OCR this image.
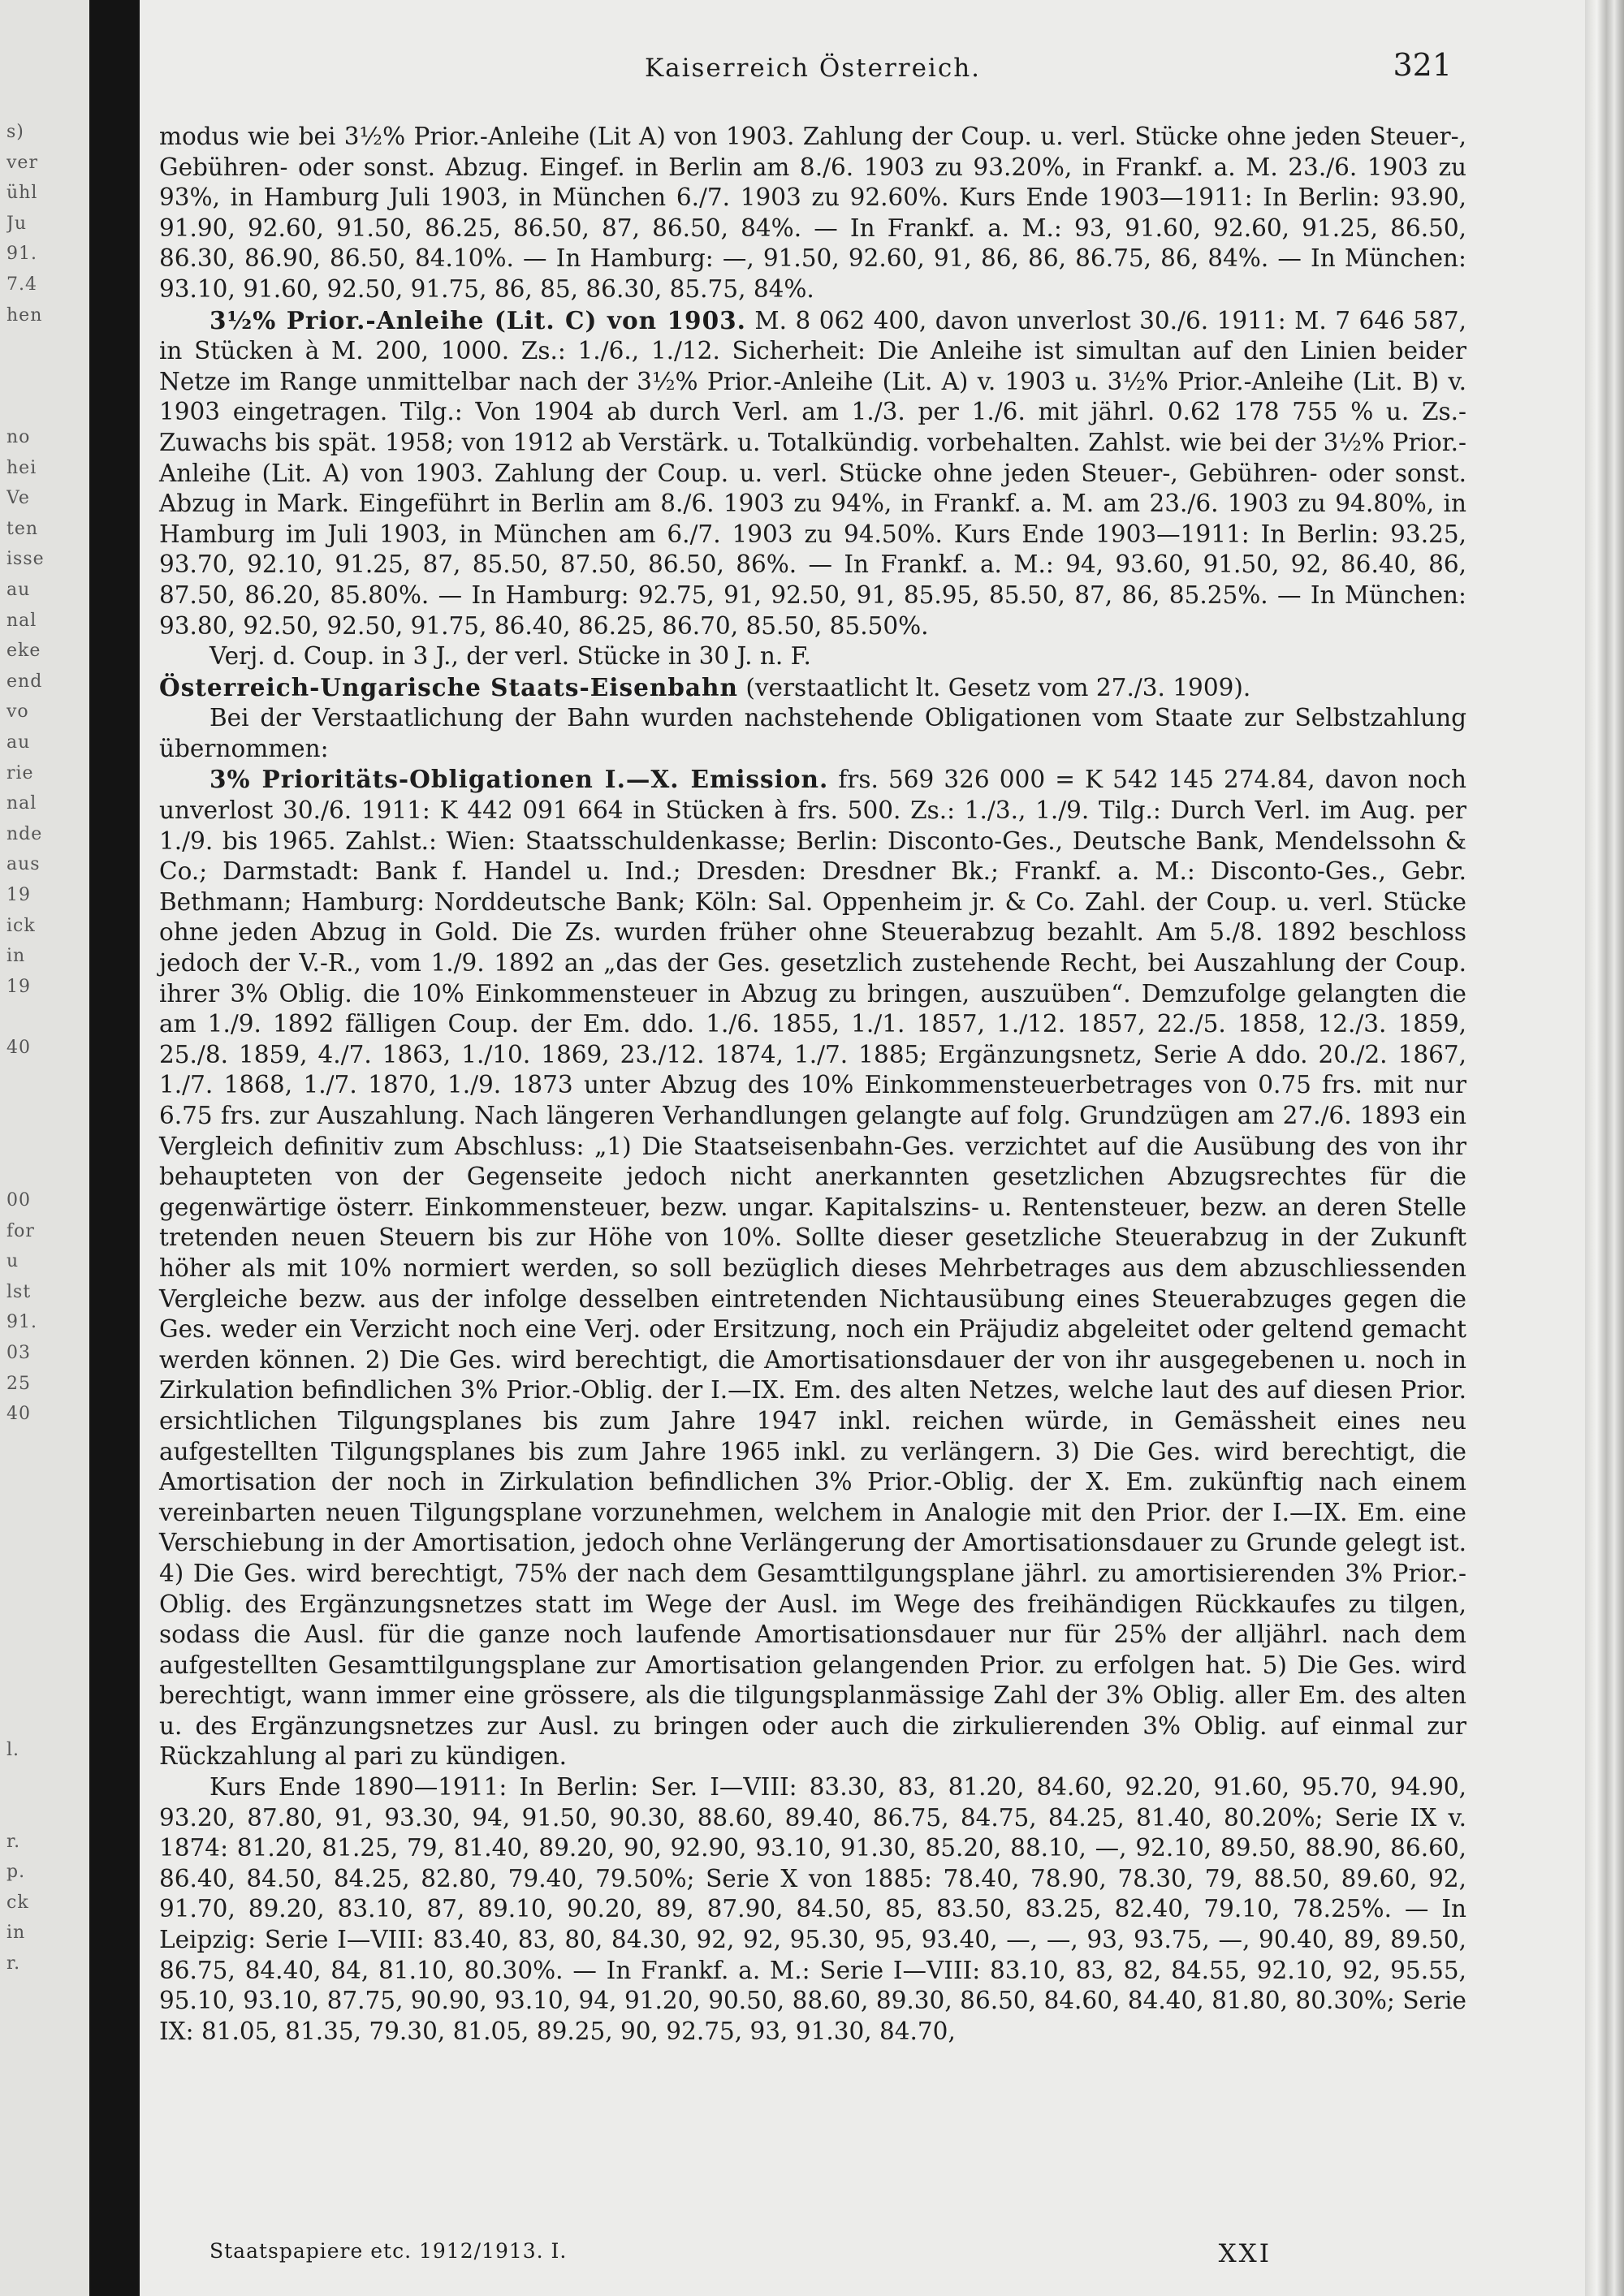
s)
ver
ühl
Ju
91.
7.4
hen
no
hei
Ve
ten
isse
au
nal
eke
end
vo
au
rie
nal
nde
aus
19
ick
in
19
40
00
for
u
lst
91.
03
25
40
l.
r.
p.
ck
in
r.
Kaiserreich Österreich.	321

modus wie bei 3½% Prior.-Anleihe (Lit A) von 1903. Zahlung der Coup. u. verl. Stücke ohne jeden Steuer-, Gebühren- oder sonst. Abzug. Eingef. in Berlin am 8./6. 1903 zu 93.20%, in Frankf. a. M. 23./6. 1903 zu 93%, in Hamburg Juli 1903, in München 6./7. 1903 zu 92.60%. Kurs Ende 1903—1911: In Berlin: 93.90, 91.90, 92.60, 91.50, 86.25, 86.50, 87, 86.50, 84%. — In Frankf. a. M.: 93, 91.60, 92.60, 91.25, 86.50, 86.30, 86.90, 86.50, 84.10%. — In Hamburg: —, 91.50, 92.60, 91, 86, 86, 86.75, 86, 84%. — In München: 93.10, 91.60, 92.50, 91.75, 86, 85, 86.30, 85.75, 84%.

3½% Prior.-Anleihe (Lit. C) von 1903. M. 8 062 400, davon unverlost 30./6. 1911: M. 7 646 587, in Stücken à M. 200, 1000. Zs.: 1./6., 1./12. Sicherheit: Die Anleihe ist simultan auf den Linien beider Netze im Range unmittelbar nach der 3½% Prior.-Anleihe (Lit. A) v. 1903 u. 3½% Prior.-Anleihe (Lit. B) v. 1903 eingetragen. Tilg.: Von 1904 ab durch Verl. am 1./3. per 1./6. mit jährl. 0.62 178 755 % u. Zs.-Zuwachs bis spät. 1958; von 1912 ab Verstärk. u. Totalkündig. vorbehalten. Zahlst. wie bei der 3½% Prior.-Anleihe (Lit. A) von 1903. Zahlung der Coup. u. verl. Stücke ohne jeden Steuer-, Gebühren- oder sonst. Abzug in Mark. Eingeführt in Berlin am 8./6. 1903 zu 94%, in Frankf. a. M. am 23./6. 1903 zu 94.80%, in Hamburg im Juli 1903, in München am 6./7. 1903 zu 94.50%. Kurs Ende 1903—1911: In Berlin: 93.25, 93.70, 92.10, 91.25, 87, 85.50, 87.50, 86.50, 86%. — In Frankf. a. M.: 94, 93.60, 91.50, 92, 86.40, 86, 87.50, 86.20, 85.80%. — In Hamburg: 92.75, 91, 92.50, 91, 85.95, 85.50, 87, 86, 85.25%. — In München: 93.80, 92.50, 92.50, 91.75, 86.40, 86.25, 86.70, 85.50, 85.50%.

Verj. d. Coup. in 3 J., der verl. Stücke in 30 J. n. F.

Österreich-Ungarische Staats-Eisenbahn (verstaatlicht lt. Gesetz vom 27./3. 1909).

Bei der Verstaatlichung der Bahn wurden nachstehende Obligationen vom Staate zur Selbstzahlung übernommen:

3% Prioritäts-Obligationen I.—X. Emission. frs. 569 326 000 = K 542 145 274.84, davon noch unverlost 30./6. 1911: K 442 091 664 in Stücken à frs. 500. Zs.: 1./3., 1./9. Tilg.: Durch Verl. im Aug. per 1./9. bis 1965. Zahlst.: Wien: Staatsschuldenkasse; Berlin: Disconto-Ges., Deutsche Bank, Mendelssohn & Co.; Darmstadt: Bank f. Handel u. Ind.; Dresden: Dresdner Bk.; Frankf. a. M.: Disconto-Ges., Gebr. Bethmann; Hamburg: Norddeutsche Bank; Köln: Sal. Oppenheim jr. & Co. Zahl. der Coup. u. verl. Stücke ohne jeden Abzug in Gold. Die Zs. wurden früher ohne Steuerabzug bezahlt. Am 5./8. 1892 beschloss jedoch der V.-R., vom 1./9. 1892 an „das der Ges. gesetzlich zustehende Recht, bei Auszahlung der Coup. ihrer 3% Oblig. die 10% Einkommensteuer in Abzug zu bringen, auszuüben“. Demzufolge gelangten die am 1./9. 1892 fälligen Coup. der Em. ddo. 1./6. 1855, 1./1. 1857, 1./12. 1857, 22./5. 1858, 12./3. 1859, 25./8. 1859, 4./7. 1863, 1./10. 1869, 23./12. 1874, 1./7. 1885; Ergänzungsnetz, Serie A ddo. 20./2. 1867, 1./7. 1868, 1./7. 1870, 1./9. 1873 unter Abzug des 10% Einkommensteuerbetrages von 0.75 frs. mit nur 6.75 frs. zur Auszahlung. Nach längeren Verhandlungen gelangte auf folg. Grundzügen am 27./6. 1893 ein Vergleich definitiv zum Abschluss: „1) Die Staatseisenbahn-Ges. verzichtet auf die Ausübung des von ihr behaupteten von der Gegenseite jedoch nicht anerkannten gesetzlichen Abzugsrechtes für die gegenwärtige österr. Einkommensteuer, bezw. ungar. Kapitalszins- u. Rentensteuer, bezw. an deren Stelle tretenden neuen Steuern bis zur Höhe von 10%. Sollte dieser gesetzliche Steuerabzug in der Zukunft höher als mit 10% normiert werden, so soll bezüglich dieses Mehrbetrages aus dem abzuschliessenden Vergleiche bezw. aus der infolge desselben eintretenden Nichtausübung eines Steuerabzuges gegen die Ges. weder ein Verzicht noch eine Verj. oder Ersitzung, noch ein Präjudiz abgeleitet oder geltend gemacht werden können. 2) Die Ges. wird berechtigt, die Amortisationsdauer der von ihr ausgegebenen u. noch in Zirkulation befindlichen 3% Prior.-Oblig. der I.—IX. Em. des alten Netzes, welche laut des auf diesen Prior. ersichtlichen Tilgungsplanes bis zum Jahre 1947 inkl. reichen würde, in Gemässheit eines neu aufgestellten Tilgungsplanes bis zum Jahre 1965 inkl. zu verlängern. 3) Die Ges. wird berechtigt, die Amortisation der noch in Zirkulation befindlichen 3% Prior.-Oblig. der X. Em. zukünftig nach einem vereinbarten neuen Tilgungsplane vorzunehmen, welchem in Analogie mit den Prior. der I.—IX. Em. eine Verschiebung in der Amortisation, jedoch ohne Verlängerung der Amortisationsdauer zu Grunde gelegt ist. 4) Die Ges. wird berechtigt, 75% der nach dem Gesamttilgungsplane jährl. zu amortisierenden 3% Prior.-Oblig. des Ergänzungsnetzes statt im Wege der Ausl. im Wege des freihändigen Rückkaufes zu tilgen, sodass die Ausl. für die ganze noch laufende Amortisationsdauer nur für 25% der alljährl. nach dem aufgestellten Gesamttilgungsplane zur Amortisation gelangenden Prior. zu erfolgen hat. 5) Die Ges. wird berechtigt, wann immer eine grössere, als die tilgungsplanmässige Zahl der 3% Oblig. aller Em. des alten u. des Ergänzungsnetzes zur Ausl. zu bringen oder auch die zirkulierenden 3% Oblig. auf einmal zur Rückzahlung al pari zu kündigen.

Kurs Ende 1890—1911: In Berlin: Ser. I—VIII: 83.30, 83, 81.20, 84.60, 92.20, 91.60, 95.70, 94.90, 93.20, 87.80, 91, 93.30, 94, 91.50, 90.30, 88.60, 89.40, 86.75, 84.75, 84.25, 81.40, 80.20%; Serie IX v. 1874: 81.20, 81.25, 79, 81.40, 89.20, 90, 92.90, 93.10, 91.30, 85.20, 88.10, —, 92.10, 89.50, 88.90, 86.60, 86.40, 84.50, 84.25, 82.80, 79.40, 79.50%; Serie X von 1885: 78.40, 78.90, 78.30, 79, 88.50, 89.60, 92, 91.70, 89.20, 83.10, 87, 89.10, 90.20, 89, 87.90, 84.50, 85, 83.50, 83.25, 82.40, 79.10, 78.25%. — In Leipzig: Serie I—VIII: 83.40, 83, 80, 84.30, 92, 92, 95.30, 95, 93.40, —, —, 93, 93.75, —, 90.40, 89, 89.50, 86.75, 84.40, 84, 81.10, 80.30%. — In Frankf. a. M.: Serie I—VIII: 83.10, 83, 82, 84.55, 92.10, 92, 95.55, 95.10, 93.10, 87.75, 90.90, 93.10, 94, 91.20, 90.50, 88.60, 89.30, 86.50, 84.60, 84.40, 81.80, 80.30%; Serie IX: 81.05, 81.35, 79.30, 81.05, 89.25, 90, 92.75, 93, 91.30, 84.70,

Staatspapiere etc. 1912/1913. I.	XXI
